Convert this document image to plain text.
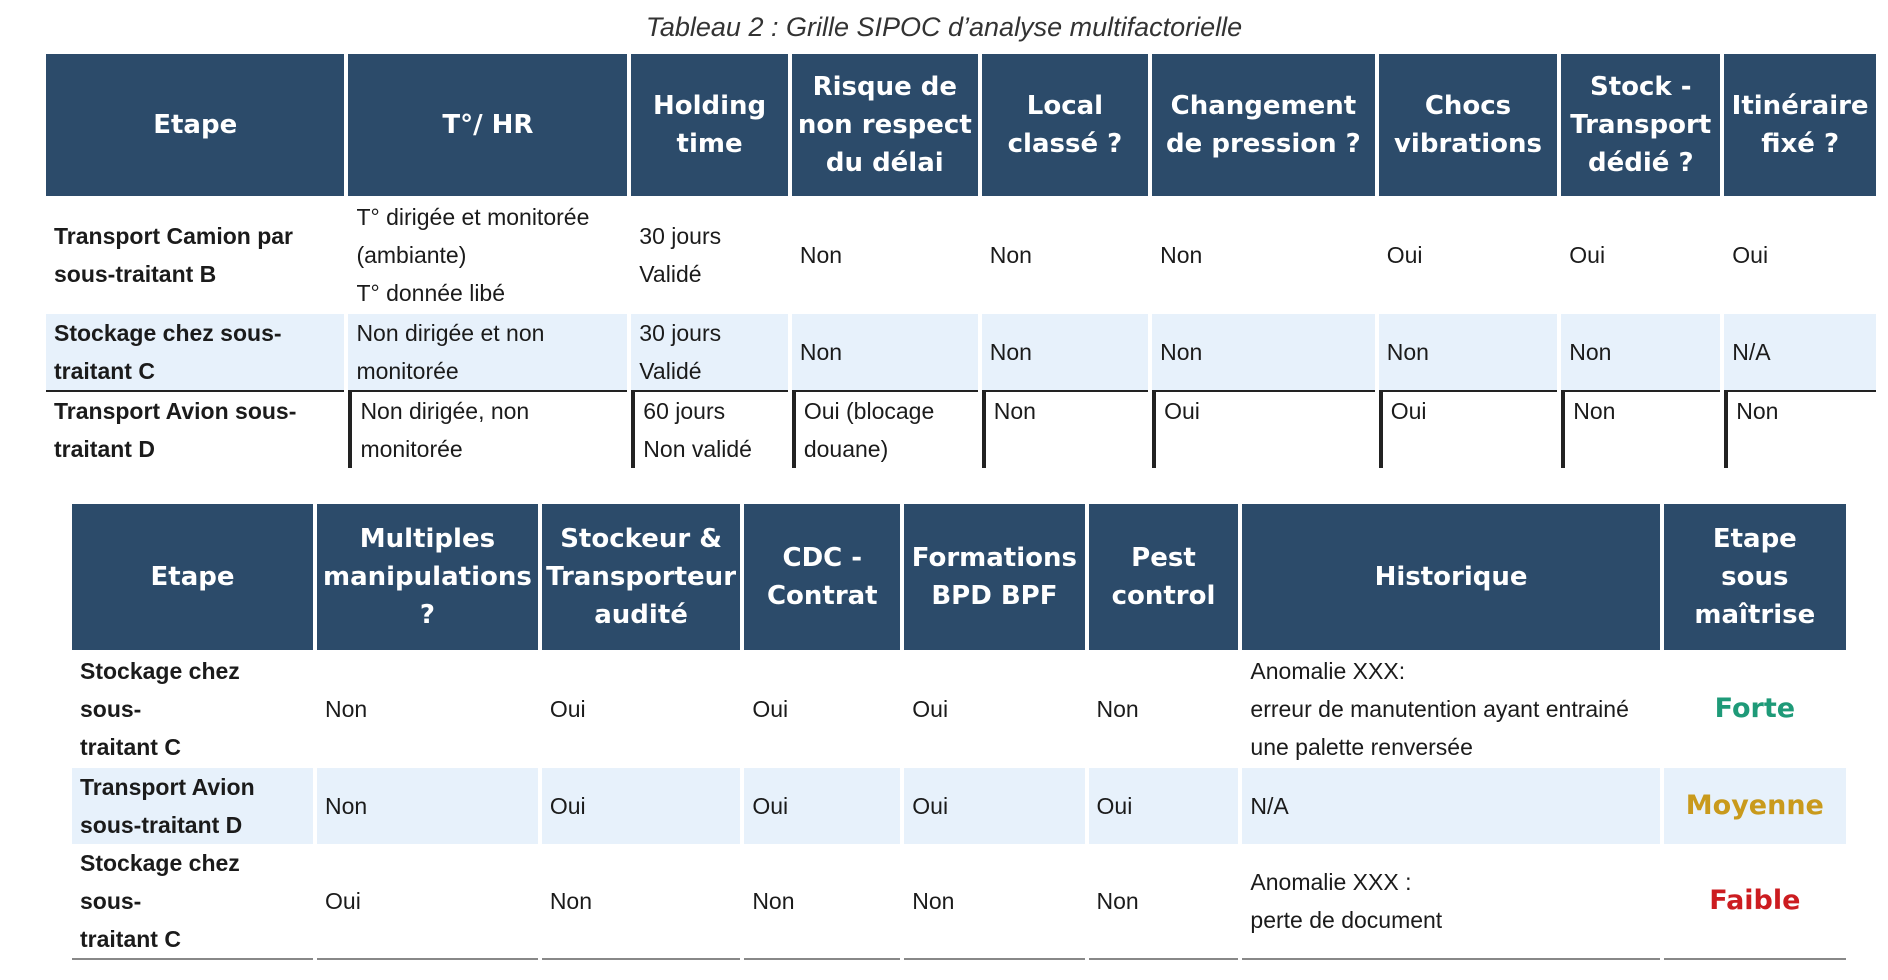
Tableau 2 : Grille SIPOC d’analyse multifactorielle
Etape	T°/ HR	Holding
time	Risque de
non respect
du délai	Local
classé ?	Changement
de pression ?	Chocs
vibrations	Stock -
Transport
dédié ?	Itinéraire
fixé ?
Transport Camion par
sous-traitant B	T° dirigée et monitorée
(ambiante)
T° donnée libé	30 jours
Validé	Non	Non	Non	Oui	Oui	Oui
Stockage chez sous-
traitant C	Non dirigée et non
monitorée	30 jours
Validé	Non	Non	Non	Non	Non	N/A
Transport Avion sous-
traitant D	Non dirigée, non
monitorée	60 jours
Non validé	Oui (blocage
douane)	Non	Oui	Oui	Non	Non
Etape	Multiples
manipulations
?	Stockeur &
Transporteur
audité	CDC -
Contrat	Formations
BPD BPF	Pest
control	Historique	Etape
sous
maîtrise
Stockage chez sous-
traitant C	Non	Oui	Oui	Oui	Non	Anomalie XXX:
erreur de manutention ayant entrainé
une palette renversée	Forte
Transport Avion
sous-traitant D	Non	Oui	Oui	Oui	Oui	N/A	Moyenne
Stockage chez sous-
traitant C	Oui	Non	Non	Non	Non	Anomalie XXX :
perte de document	Faible
